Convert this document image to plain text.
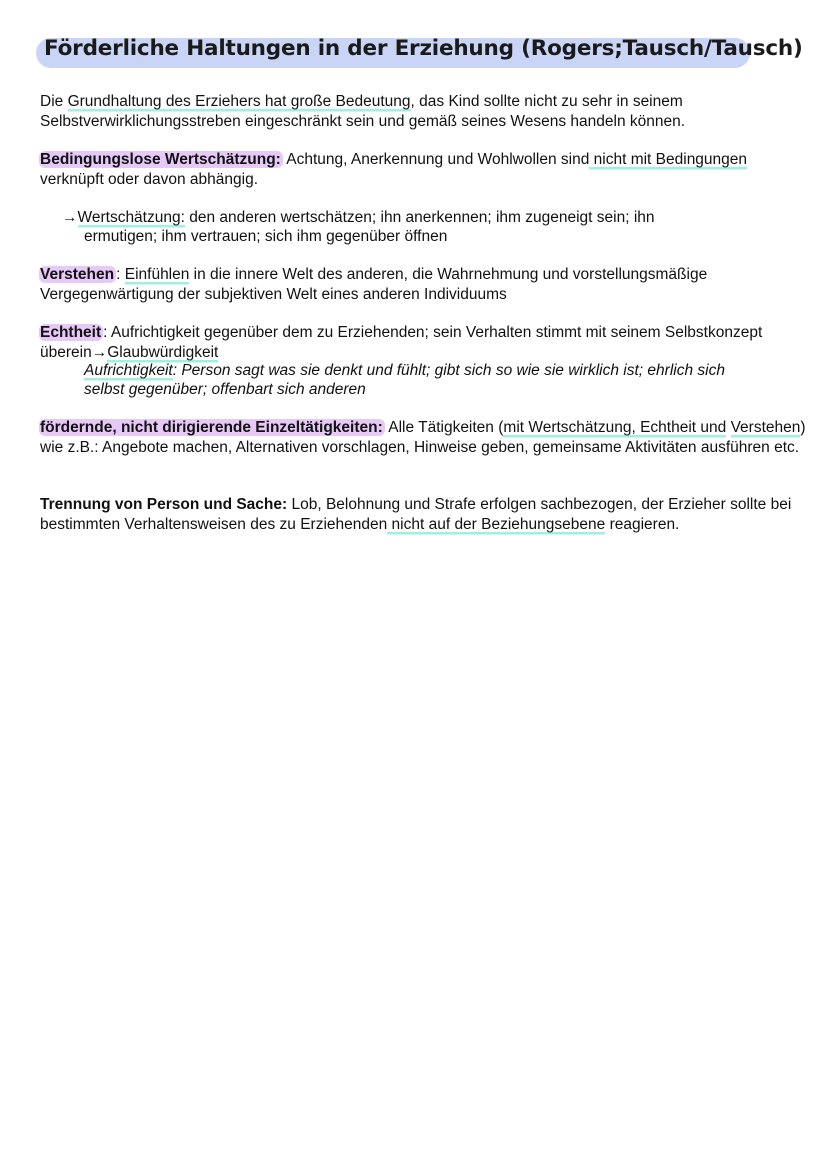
Förderliche Haltungen in der Erziehung (Rogers;Tausch/Tausch)
Die Grundhaltung des Erziehers hat große Bedeutung, das Kind sollte nicht zu sehr in seinem Selbstverwirklichungsstreben eingeschränkt sein und gemäß seines Wesens handeln können.
Bedingungslose Wertschätzung: Achtung, Anerkennung und Wohlwollen sind nicht mit Bedingungen verknüpft oder davon abhängig.
→Wertschätzung: den anderen wertschätzen; ihn anerkennen; ihm zugeneigt sein; ihn
ermutigen; ihm vertrauen; sich ihm gegenüber öffnen
Verstehen : Einfühlen in die innere Welt des anderen, die Wahrnehmung und vorstellungsmäßige Vergegenwärtigung der subjektiven Welt eines anderen Individuums
Echtheit : Aufrichtigkeit gegenüber dem zu Erziehenden; sein Verhalten stimmt mit seinem Selbstkonzept überein→Glaubwürdigkeit
Aufrichtigkeit: Person sagt was sie denkt und fühlt; gibt sich so wie sie wirklich ist; ehrlich sich
selbst gegenüber; offenbart sich anderen
fördernde, nicht dirigierende Einzeltätigkeiten: Alle Tätigkeiten (mit Wertschätzung, Echtheit und Verstehen) wie z.B.: Angebote machen, Alternativen vorschlagen, Hinweise geben, gemeinsame Aktivitäten ausführen etc.
Trennung von Person und Sache: Lob, Belohnung und Strafe erfolgen sachbezogen, der Erzieher sollte bei bestimmten Verhaltensweisen des zu Erziehenden nicht auf der Beziehungsebene reagieren.
